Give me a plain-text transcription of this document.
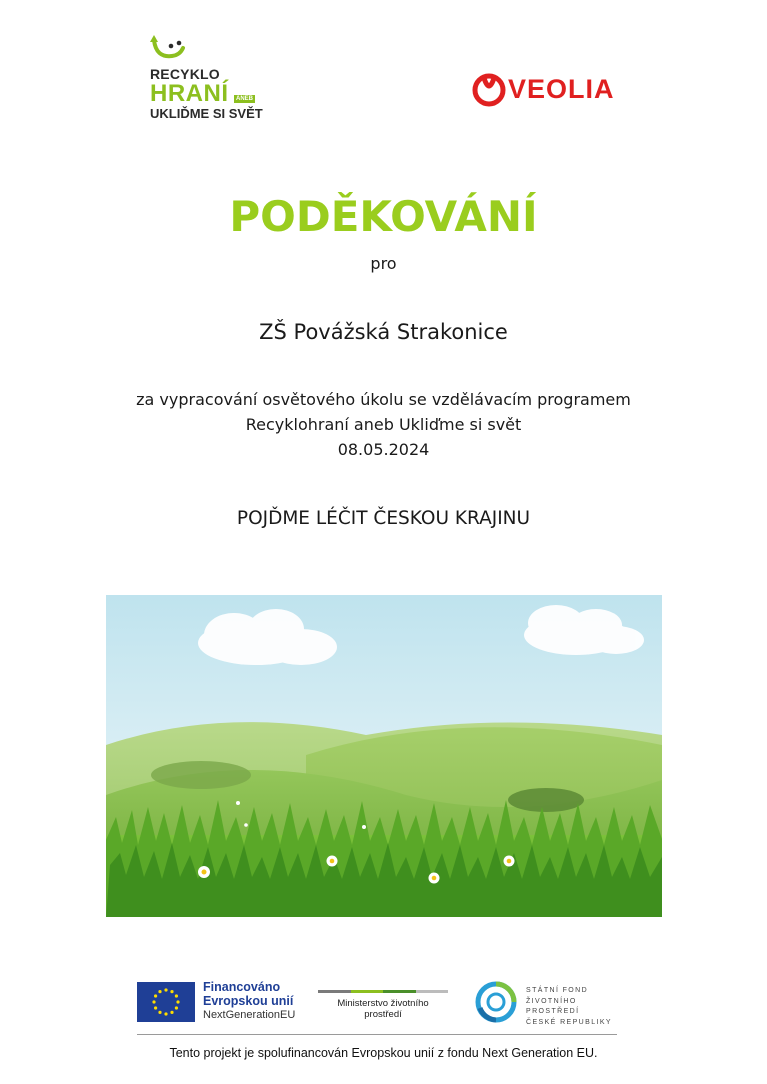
RECYKLO
HRANÍ	ANEB
UKLIĎME SI SVĚT
VEOLIA
PODĚKOVÁNÍ
pro
ZŠ Povážská Strakonice
za vypracování osvětového úkolu se vzdělávacím programem
Recyklohraní aneb Ukliďme si svět
08.05.2024
POJĎME LÉČIT ČESKOU KRAJINU
Financováno
Evropskou unií
NextGenerationEU
Ministerstvo životního prostředí
STÁTNÍ FOND
ŽIVOTNÍHO PROSTŘEDÍ
ČESKÉ REPUBLIKY
Tento projekt je spolufinancován Evropskou unií z fondu Next Generation EU.
